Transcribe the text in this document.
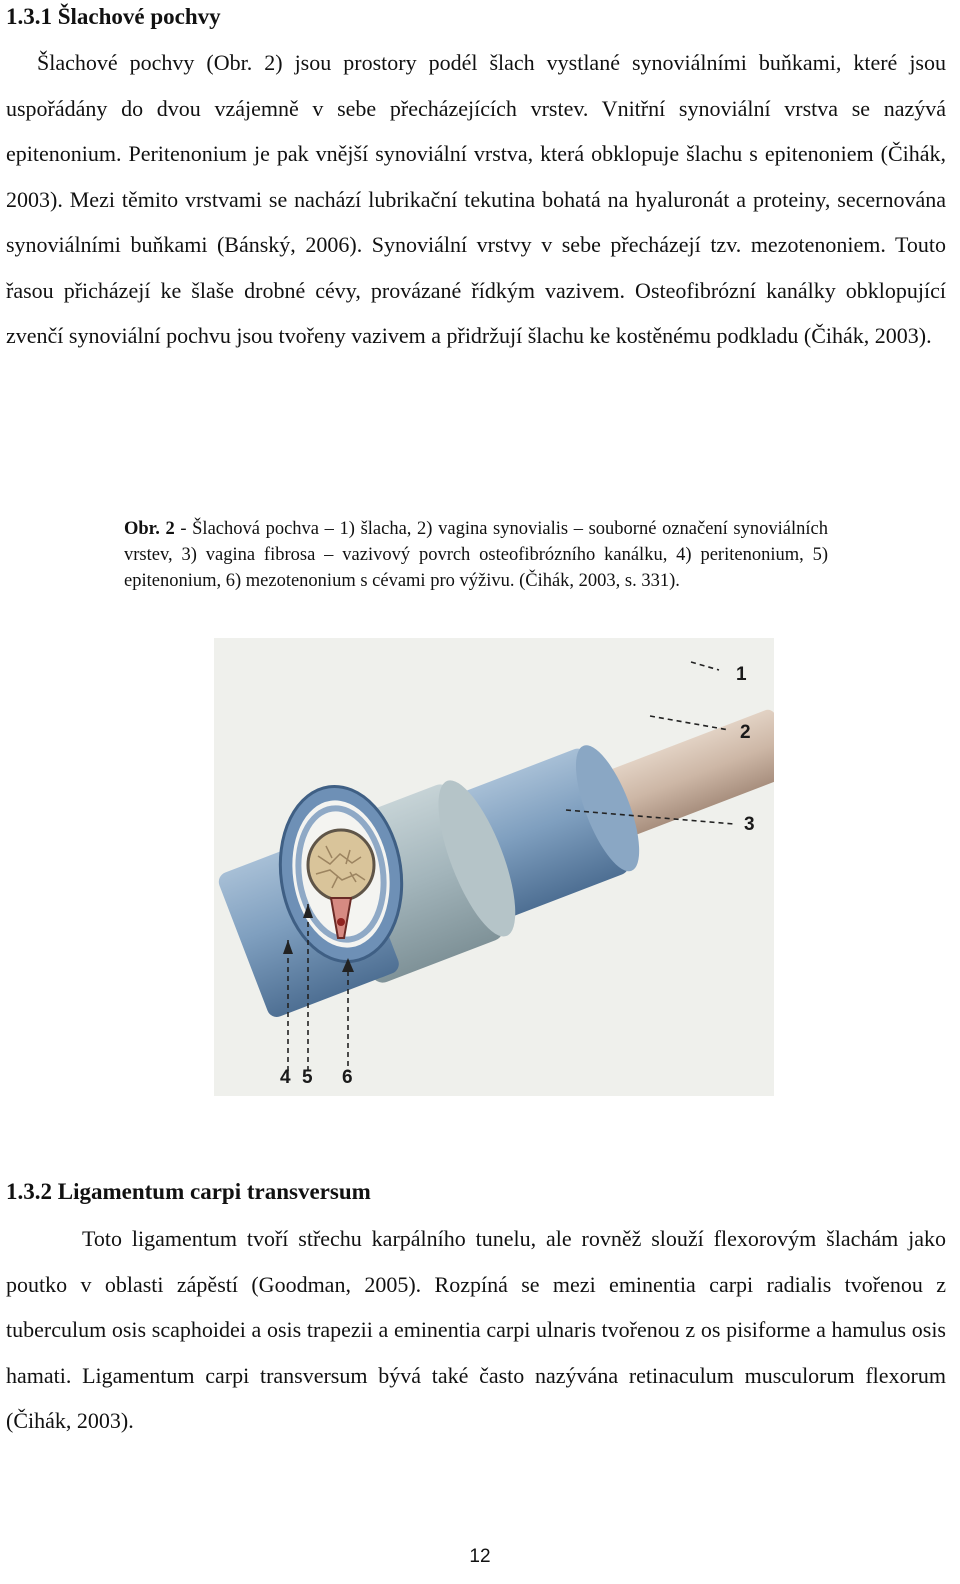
1.3.1 Šlachové pochvy

Šlachové pochvy (Obr. 2) jsou prostory podél šlach vystlané synoviálními buňkami, které jsou uspořádány do dvou vzájemně v sebe přecházejících vrstev. Vnitřní synoviální vrstva se nazývá epitenonium. Peritenonium je pak vnější synoviální vrstva, která obklopuje šlachu s epitenoniem (Čihák, 2003). Mezi těmito vrstvami se nachází lubrikační tekutina bohatá na hyaluronát a proteiny, secernována synoviálními buňkami (Bánský, 2006). Synoviální vrstvy v sebe přecházejí tzv. mezotenoniem. Touto řasou přicházejí ke šlaše drobné cévy, provázané řídkým vazivem. Osteofibrózní kanálky obklopující zvenčí synoviální pochvu jsou tvořeny vazivem a přidržují šlachu ke kostěnému podkladu (Čihák, 2003).

Obr. 2 - Šlachová pochva – 1) šlacha, 2) vagina synovialis – souborné označení synoviálních vrstev, 3) vagina fibrosa – vazivový povrch osteofibrózního kanálku, 4) peritenonium, 5) epitenonium, 6) mezotenonium s cévami pro výživu. (Čihák, 2003, s. 331).

1
2
3
4 5 6
1.3.2 Ligamentum carpi transversum

Toto ligamentum tvoří střechu karpálního tunelu, ale rovněž slouží flexorovým šlachám jako poutko v oblasti zápěstí (Goodman, 2005). Rozpíná se mezi eminentia carpi radialis tvořenou z tuberculum osis scaphoidei a osis trapezii a eminentia carpi ulnaris tvořenou z os pisiforme a hamulus osis hamati. Ligamentum carpi transversum bývá také často nazývána retinaculum musculorum flexorum (Čihák, 2003).

12
